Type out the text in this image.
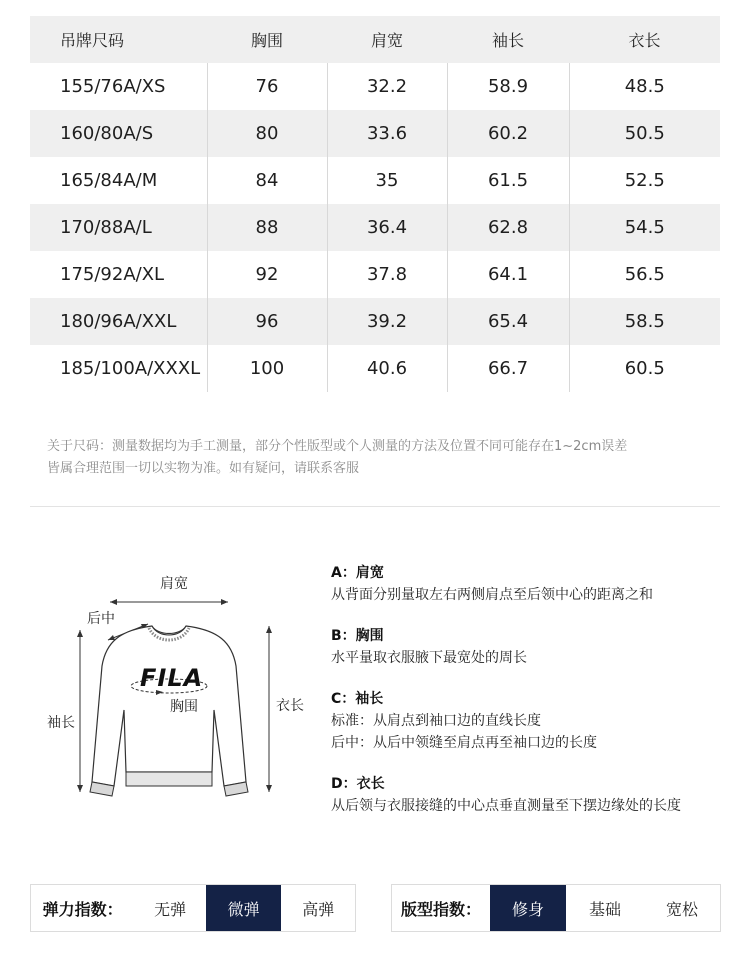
吊牌尺码	胸围	肩宽	袖长	衣长
155/76A/XS	76	32.2	58.9	48.5
160/80A/S	80	33.6	60.2	50.5
165/84A/M	84	35	61.5	52.5
170/88A/L	88	36.4	62.8	54.5
175/92A/XL	92	37.8	64.1	56.5
180/96A/XXL	96	39.2	65.4	58.5
185/100A/XXXL	100	40.6	66.7	60.5
关于尺码：测量数据均为手工测量，部分个性版型或个人测量的方法及位置不同可能存在1~2cm误差
皆属合理范围一切以实物为准。如有疑问，请联系客服
肩宽
后中
FILA
胸围
袖长
衣长
A：肩宽
从背面分别量取左右两侧肩点至后领中心的距离之和
B：胸围
水平量取衣服腋下最宽处的周长
C：袖长
标准：从肩点到袖口边的直线长度
后中：从后中领缝至肩点再至袖口边的长度
D：衣长
从后领与衣服接缝的中心点垂直测量至下摆边缘处的长度
弹力指数：	无弹	微弹	高弹	版型指数：	修身	基础	宽松
